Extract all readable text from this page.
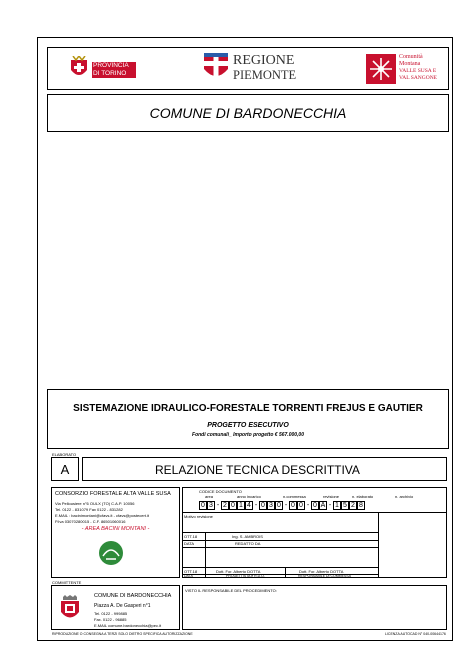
PROVINCIA
DI TORINO
REGIONE
PIEMONTE
Comunità
Montana
VALLE SUSA E
VAL SANGONE
COMUNE DI BARDONECCHIA
SISTEMAZIONE IDRAULICO-FORESTALE TORRENTI FREJUS E GAUTIER
PROGETTO ESECUTIVO
Fondi comunali_ Importo progetto € 567.000,00
ELABORATO
A	RELAZIONE TECNICA DESCRITTIVA
CONSORZIO FORESTALE ALTA VALLE SUSA
Via Pellousiere n°6 OULX (TO) C.A.P. 10056
Tel. 0122 - 831079 Fax 0122 - 831282
E.MAIL : bacinimontani@cfavs.it - cfavs@postecert.it
P.Iva 03070280015 - C.F. 86501060016
- AREA BACINI MONTANI -
CODICE DOCUMENTO
area	anno incarico	n.commessa	revisione	n. elaborato	n. archivio
0 3 - 2 0 1 4 - 0 3 0 - 0 0 - 0 A - 1 5 2 8
Motivo revisione
OTT.18	Ing. S. AMBROIS
DATA	REDATTO DA
OTT.18	Dott. For. Alberto DOTTA	Dott. For. Alberto DOTTA
DATA	PROGETTISTA e R.D.O.	RESPONSABILE DI COMMESSA
COMMITTENTE
COMUNE DI BARDONECCHIA
Piazza A. De Gasperi n°1
Tel. 0122 - 999885
Fax. 0122 - 96885
E.MAIL comune.bardonecchia@pec.it
VISTO IL RESPONSABILE DEL PROCEDIMENTO:
RIPRODUZIONE O CONSEGNA A TERZI SOLO DIETRO SPECIFICA AUTORIZZAZIONE	LICENZA AUTOCAD N° 040-00644176
